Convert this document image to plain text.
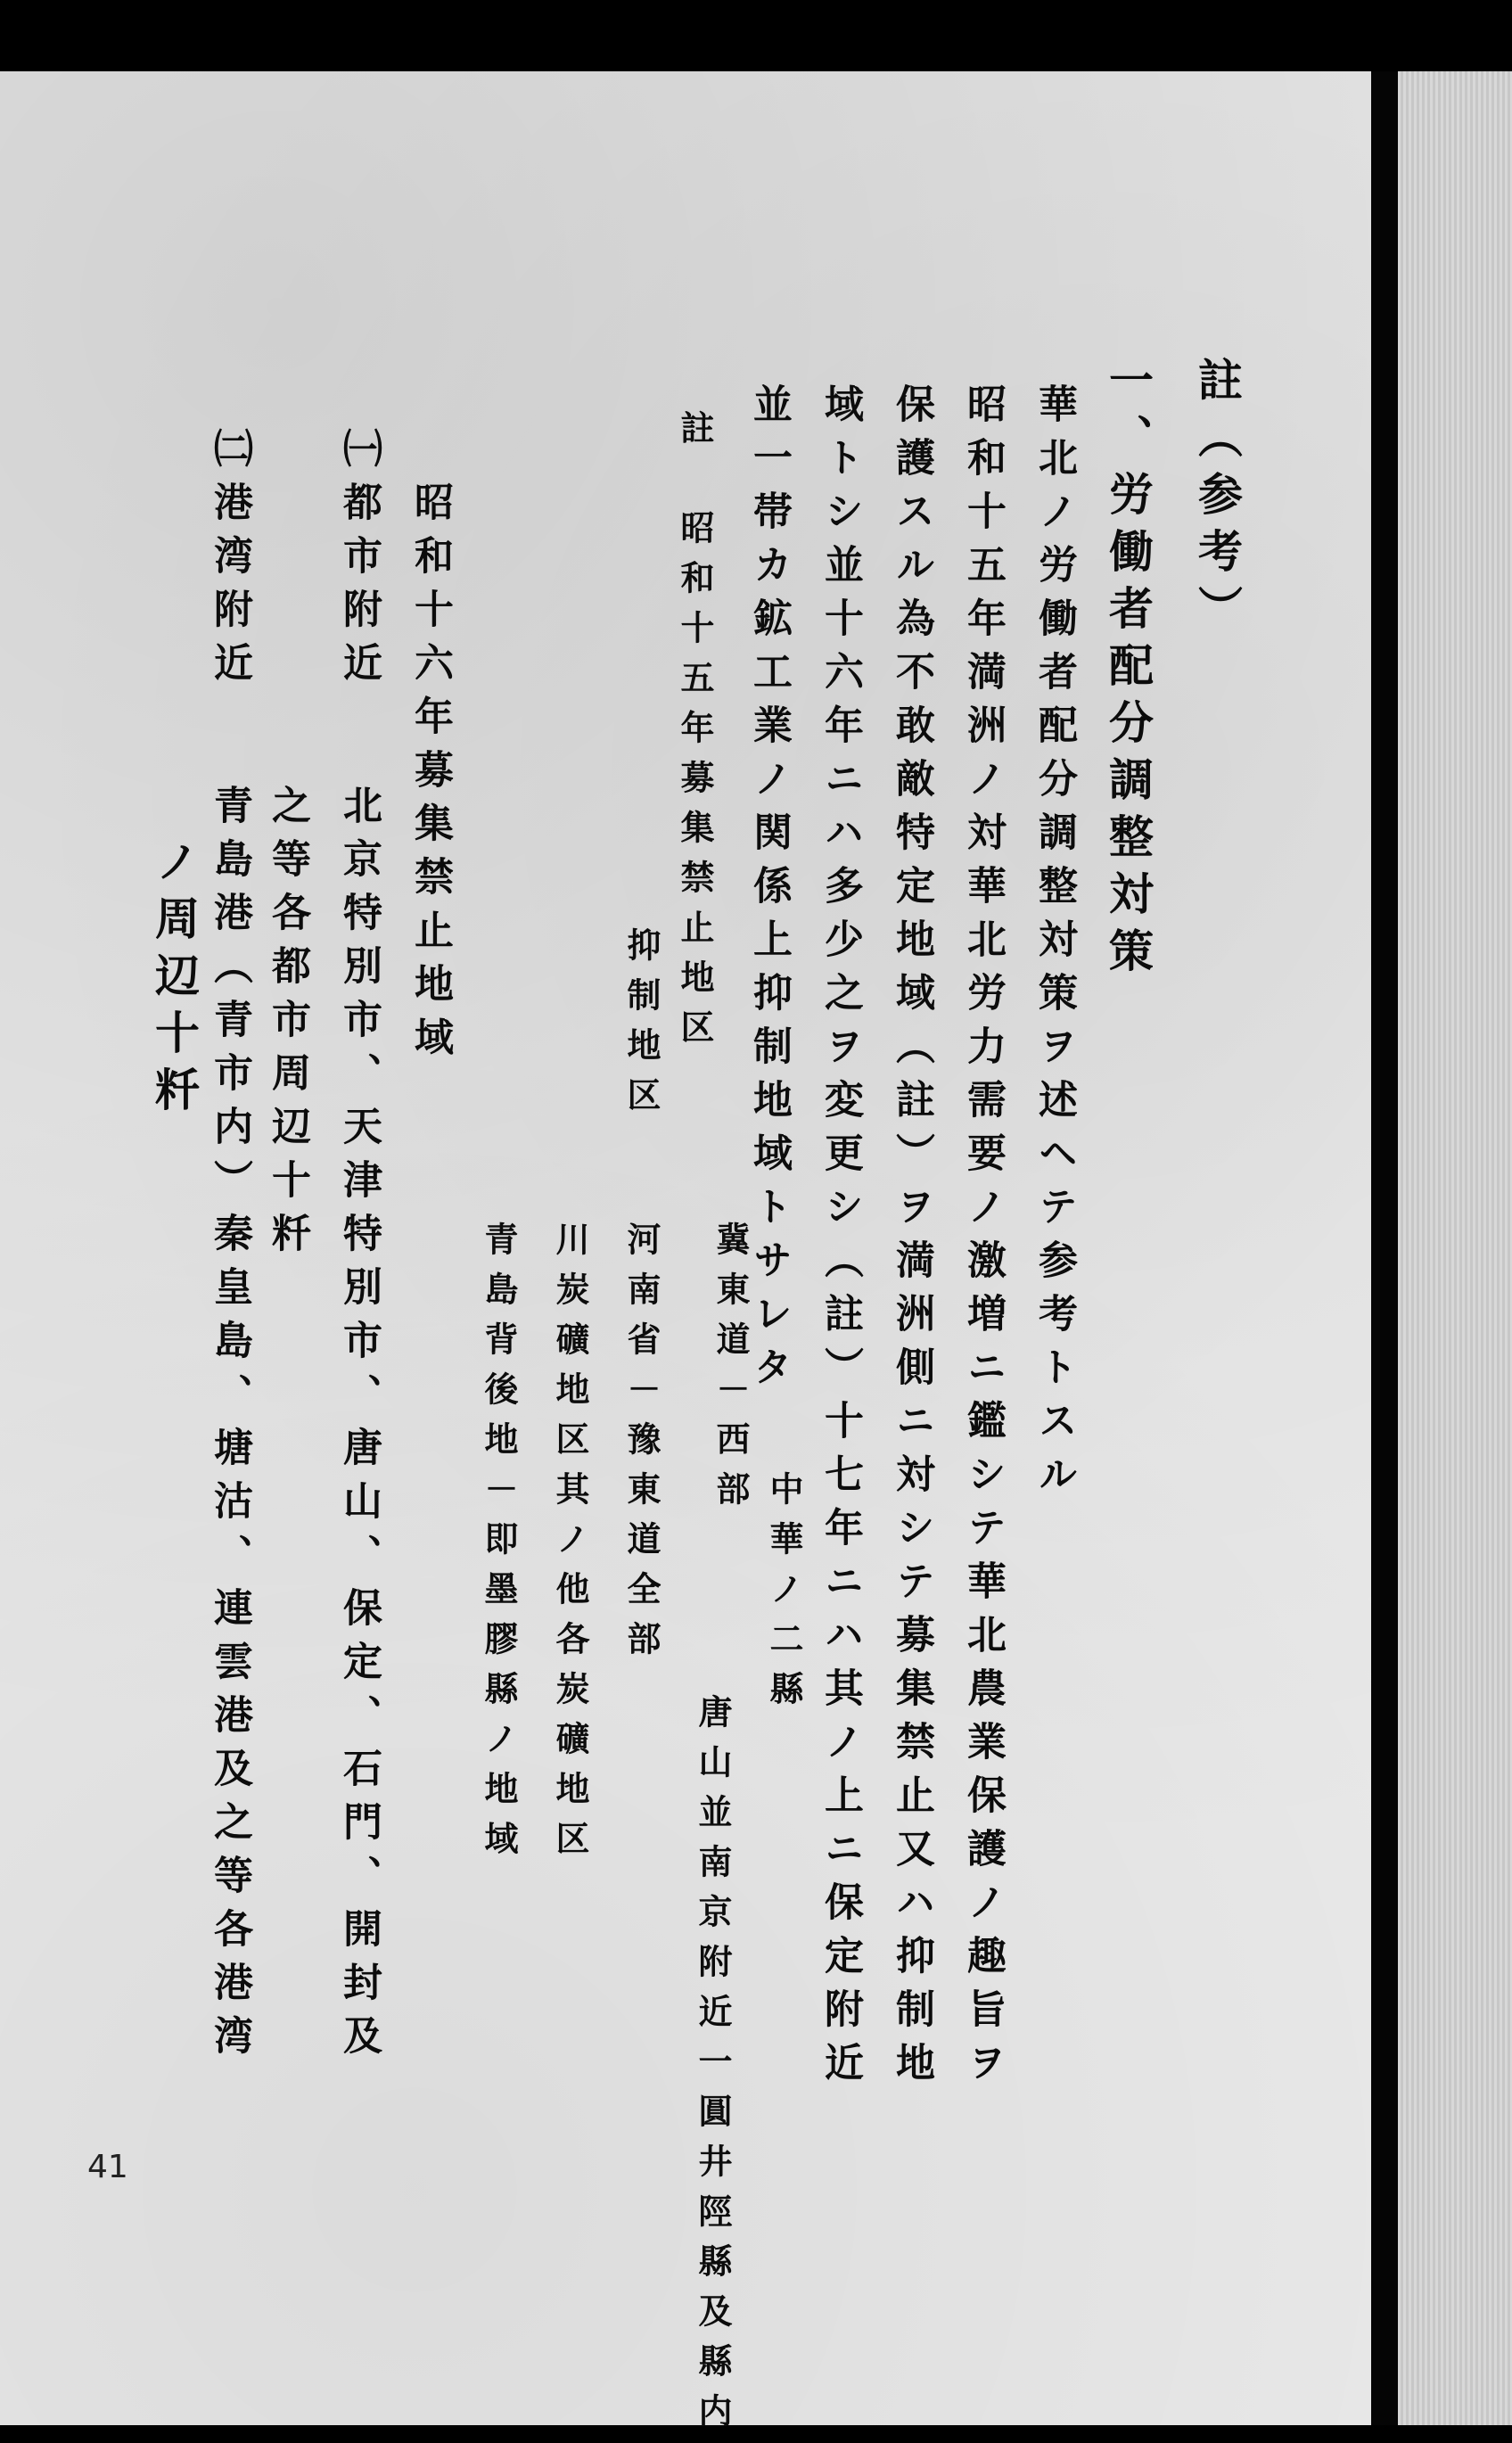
註（参考）
一、労働者配分調整対策
華北ノ労働者配分調整対策ヲ述ヘテ参考トスル
昭和十五年満洲ノ対華北労力需要ノ激増ニ鑑シテ華北農業保護ノ趣旨ヲ
保護スル為不敢敵特定地域（註）ヲ満洲側ニ対シテ募集禁止又ハ抑制地
域トシ並十六年ニハ多少之ヲ変更シ（註）十七年ニハ其ノ上ニ保定附近
並一帯カ鉱工業ノ関係上抑制地域トサレタ
註　昭和十五年募集禁止地区
冀東道－西部
抑制地区
河南省－豫東道全部
川炭礦地区其ノ他各炭礦地区
青島背後地－即墨膠縣ノ地域
昭和十六年募集禁止地域
㈠都市附近
北京特別市、天津特別市、唐山、保定、石門、開封及
之等各都市周辺十粁
㈡港湾附近
青島港（青市内）秦皇島、塘沽、連雲港及之等各港湾
ノ周辺十粁
中華ノ二縣
唐山並南京附近一圓井陘縣及縣内
41
